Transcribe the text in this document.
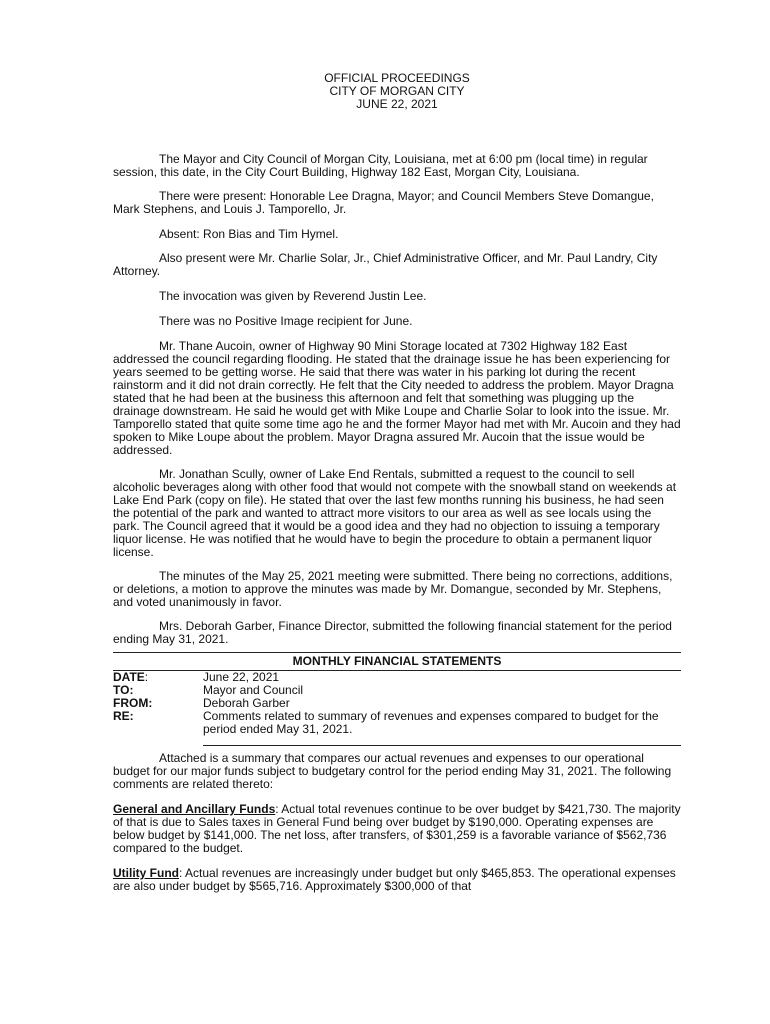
OFFICIAL PROCEEDINGS
CITY OF MORGAN CITY
JUNE 22, 2021

The Mayor and City Council of Morgan City, Louisiana, met at 6:00 pm (local time) in regular session, this date, in the City Court Building, Highway 182 East, Morgan City, Louisiana.

There were present: Honorable Lee Dragna, Mayor; and Council Members Steve Domangue, Mark Stephens, and Louis J. Tamporello, Jr.

Absent: Ron Bias and Tim Hymel.

Also present were Mr. Charlie Solar, Jr., Chief Administrative Officer, and Mr. Paul Landry, City Attorney.

The invocation was given by Reverend Justin Lee.

There was no Positive Image recipient for June.

Mr. Thane Aucoin, owner of Highway 90 Mini Storage located at 7302 Highway 182 East addressed the council regarding flooding. He stated that the drainage issue he has been experiencing for years seemed to be getting worse. He said that there was water in his parking lot during the recent rainstorm and it did not drain correctly. He felt that the City needed to address the problem. Mayor Dragna stated that he had been at the business this afternoon and felt that something was plugging up the drainage downstream. He said he would get with Mike Loupe and Charlie Solar to look into the issue. Mr. Tamporello stated that quite some time ago he and the former Mayor had met with Mr. Aucoin and they had spoken to Mike Loupe about the problem. Mayor Dragna assured Mr. Aucoin that the issue would be addressed.

Mr. Jonathan Scully, owner of Lake End Rentals, submitted a request to the council to sell alcoholic beverages along with other food that would not compete with the snowball stand on weekends at Lake End Park (copy on file). He stated that over the last few months running his business, he had seen the potential of the park and wanted to attract more visitors to our area as well as see locals using the park. The Council agreed that it would be a good idea and they had no objection to issuing a temporary liquor license. He was notified that he would have to begin the procedure to obtain a permanent liquor license.

The minutes of the May 25, 2021 meeting were submitted. There being no corrections, additions, or deletions, a motion to approve the minutes was made by Mr. Domangue, seconded by Mr. Stephens, and voted unanimously in favor.

Mrs. Deborah Garber, Finance Director, submitted the following financial statement for the period ending May 31, 2021.

MONTHLY FINANCIAL STATEMENTS
DATE:	June 22, 2021
TO:	Mayor and Council
FROM:	Deborah Garber
RE:	Comments related to summary of revenues and expenses compared to budget for the period ended May 31, 2021.

Attached is a summary that compares our actual revenues and expenses to our operational budget for our major funds subject to budgetary control for the period ending May 31, 2021. The following comments are related thereto:

General and Ancillary Funds: Actual total revenues continue to be over budget by $421,730. The majority of that is due to Sales taxes in General Fund being over budget by $190,000. Operating expenses are below budget by $141,000. The net loss, after transfers, of $301,259 is a favorable variance of $562,736 compared to the budget.

Utility Fund: Actual revenues are increasingly under budget but only $465,853. The operational expenses are also under budget by $565,716. Approximately $300,000 of that
